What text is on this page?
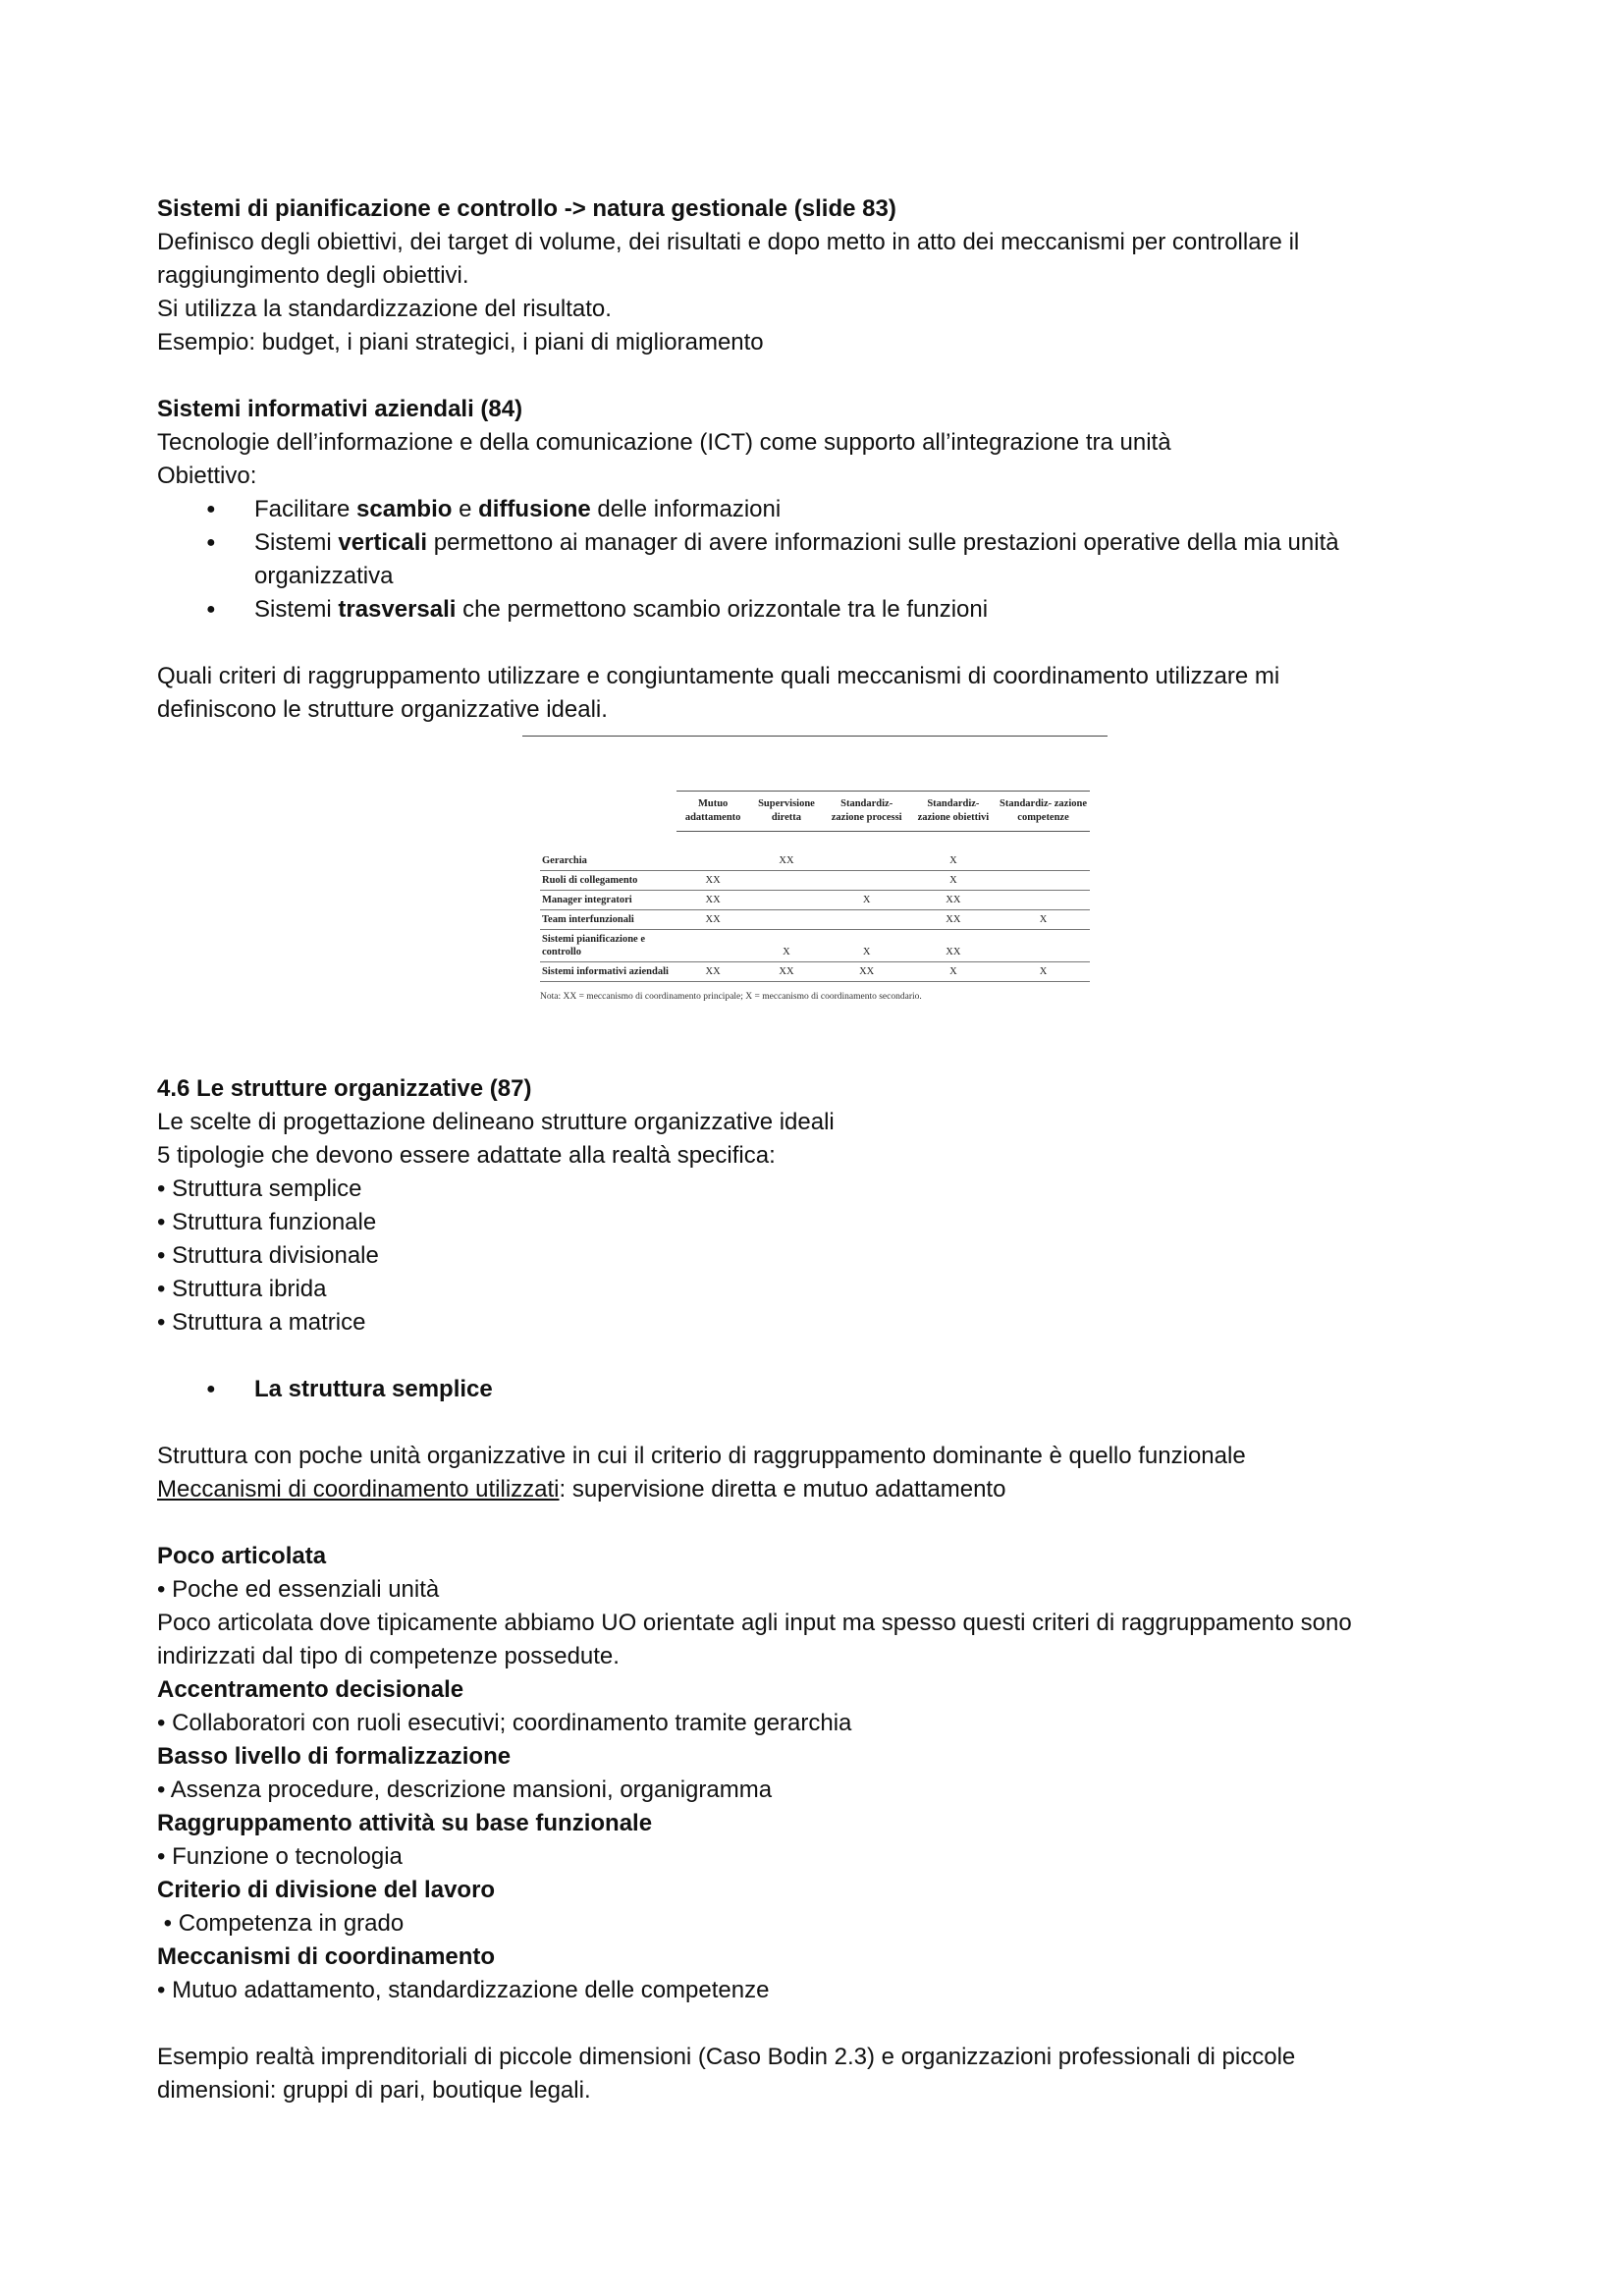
Sistemi di pianificazione e controllo -> natura gestionale (slide 83)
Definisco degli obiettivi, dei target di volume, dei risultati e dopo metto in atto dei meccanismi per controllare il
raggiungimento degli obiettivi.
Si utilizza la standardizzazione del risultato.
Esempio: budget, i piani strategici, i piani di miglioramento
Sistemi informativi aziendali (84)
Tecnologie dell’informazione e della comunicazione (ICT) come supporto all’integrazione tra unità
Obiettivo:
● Facilitare scambio e diffusione delle informazioni
● Sistemi verticali permettono ai manager di avere informazioni sulle prestazioni operative della mia unità
organizzativa
● Sistemi trasversali che permettono scambio orizzontale tra le funzioni
Quali criteri di raggruppamento utilizzare e congiuntamente quali meccanismi di coordinamento utilizzare mi
definiscono le strutture organizzative ideali.
4.6 Le strutture organizzative (87)
Le scelte di progettazione delineano strutture organizzative ideali
5 tipologie che devono essere adattate alla realtà specifica:
• Struttura semplice
• Struttura funzionale
• Struttura divisionale
• Struttura ibrida
• Struttura a matrice
● La struttura semplice
Struttura con poche unità organizzative in cui il criterio di raggruppamento dominante è quello funzionale
Meccanismi di coordinamento utilizzati: supervisione diretta e mutuo adattamento
Poco articolata
• Poche ed essenziali unità
Poco articolata dove tipicamente abbiamo UO orientate agli input ma spesso questi criteri di raggruppamento sono
indirizzati dal tipo di competenze possedute.
Accentramento decisionale
• Collaboratori con ruoli esecutivi; coordinamento tramite gerarchia
Basso livello di formalizzazione
• Assenza procedure, descrizione mansioni, organigramma
Raggruppamento attività su base funzionale
• Funzione o tecnologia
Criterio di divisione del lavoro
• Competenza in grado
Meccanismi di coordinamento
• Mutuo adattamento, standardizzazione delle competenze
Esempio realtà imprenditoriali di piccole dimensioni (Caso Bodin 2.3) e organizzazioni professionali di piccole
dimensioni: gruppi di pari, boutique legali.
	Mutuo adattamento	Supervisione diretta	Standardiz- zazione processi	Standardiz- zazione obiettivi	Standardiz- zazione competenze

Gerarchia		XX		X	
Ruoli di collegamento	XX			X	
Manager integratori	XX		X	XX	
Team interfunzionali	XX			XX	X
Sistemi pianificazione e controllo		X	X	XX	
Sistemi informativi aziendali	XX	XX	XX	X	X
Nota: XX = meccanismo di coordinamento principale; X = meccanismo di coordinamento secondario.
